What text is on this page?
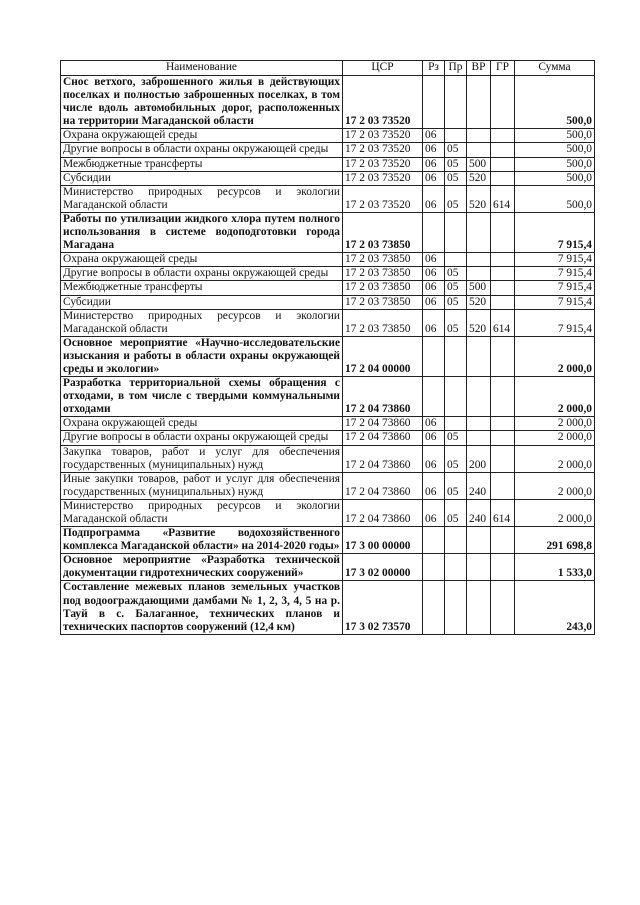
Наименование	ЦСР	Рз	Пр	ВР	ГР	Сумма
Снос ветхого, заброшенного жилья в действующих поселках и полностью заброшенных поселках, в том числе вдоль автомобильных дорог, расположенных на территории Магаданской области	17 2 03 73520					500,0
Охрана окружающей среды	17 2 03 73520	06				500,0
Другие вопросы в области охраны окружающей среды	17 2 03 73520	06	05			500,0
Межбюджетные трансферты	17 2 03 73520	06	05	500		500,0
Субсидии	17 2 03 73520	06	05	520		500,0
Министерство природных ресурсов и экологии Магаданской области	17 2 03 73520	06	05	520	614	500,0
Работы по утилизации жидкого хлора путем полного использования в системе водоподготовки города Магадана	17 2 03 73850					7 915,4
Охрана окружающей среды	17 2 03 73850	06				7 915,4
Другие вопросы в области охраны окружающей среды	17 2 03 73850	06	05			7 915,4
Межбюджетные трансферты	17 2 03 73850	06	05	500		7 915,4
Субсидии	17 2 03 73850	06	05	520		7 915,4
Министерство природных ресурсов и экологии Магаданской области	17 2 03 73850	06	05	520	614	7 915,4
Основное мероприятие «Научно-исследовательские изыскания и работы в области охраны окружающей среды и экологии»	17 2 04 00000					2 000,0
Разработка территориальной схемы обращения с отходами, в том числе с твердыми коммунальными отходами	17 2 04 73860					2 000,0
Охрана окружающей среды	17 2 04 73860	06				2 000,0
Другие вопросы в области охраны окружающей среды	17 2 04 73860	06	05			2 000,0
Закупка товаров, работ и услуг для обеспечения государственных (муниципальных) нужд	17 2 04 73860	06	05	200		2 000,0
Иные закупки товаров, работ и услуг для обеспечения государственных (муниципальных) нужд	17 2 04 73860	06	05	240		2 000,0
Министерство природных ресурсов и экологии Магаданской области	17 2 04 73860	06	05	240	614	2 000,0
Подпрограмма «Развитие водохозяйственного комплекса Магаданской области» на 2014-2020 годы»	17 3 00 00000					291 698,8
Основное мероприятие «Разработка технической документации гидротехнических сооружений»	17 3 02 00000					1 533,0
Составление межевых планов земельных участков под водоограждающими дамбами № 1, 2, 3, 4, 5 на р. Тауй в с. Балаганное, технических планов и технических паспортов сооружений (12,4 км)	17 3 02 73570					243,0
